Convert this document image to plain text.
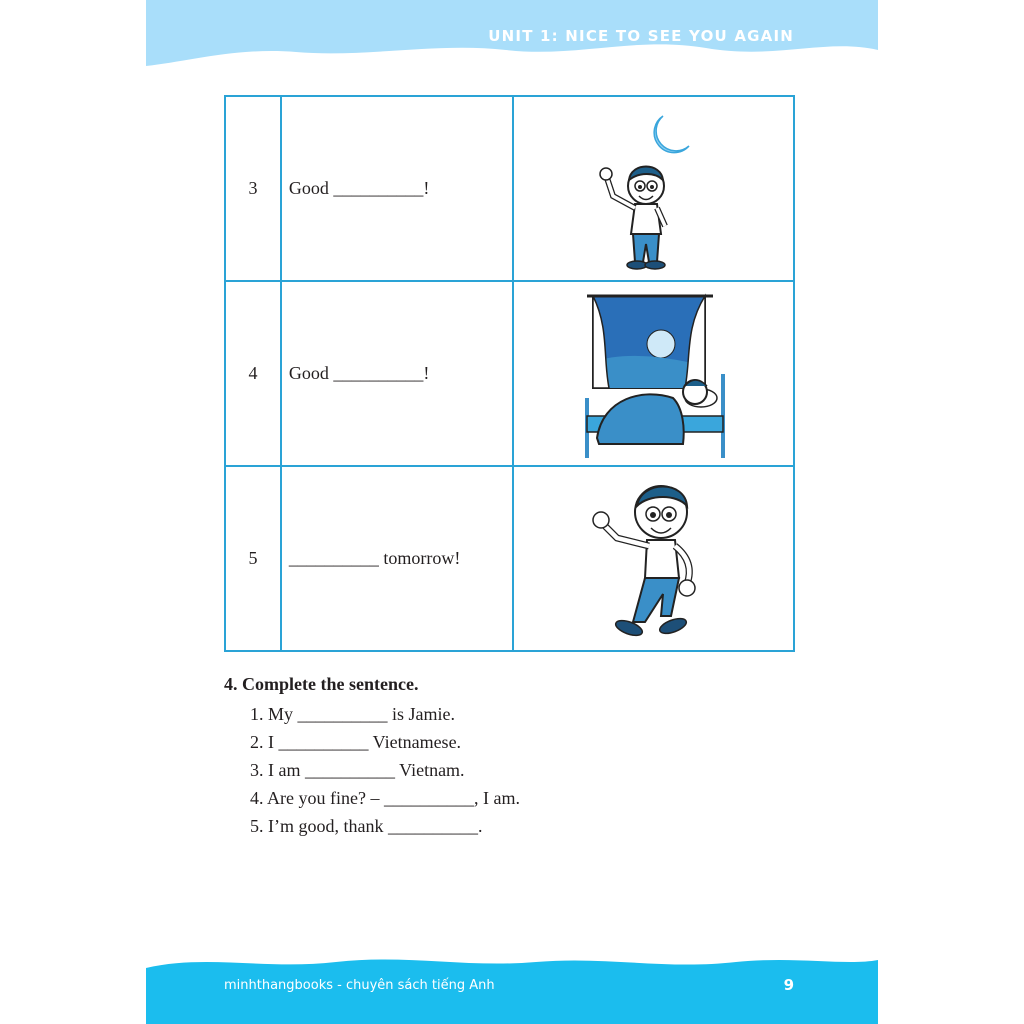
UNIT 1: NICE TO SEE YOU AGAIN
3	Good __________!	

4	Good __________!	

5	__________ tomorrow!	
4. Complete the sentence.
1. My __________ is Jamie.
2. I __________ Vietnamese.
3. I am __________ Vietnam.
4. Are you fine? – __________, I am.
5. I’m good, thank __________.
minhthangbooks - chuyên sách tiếng Anh	9
